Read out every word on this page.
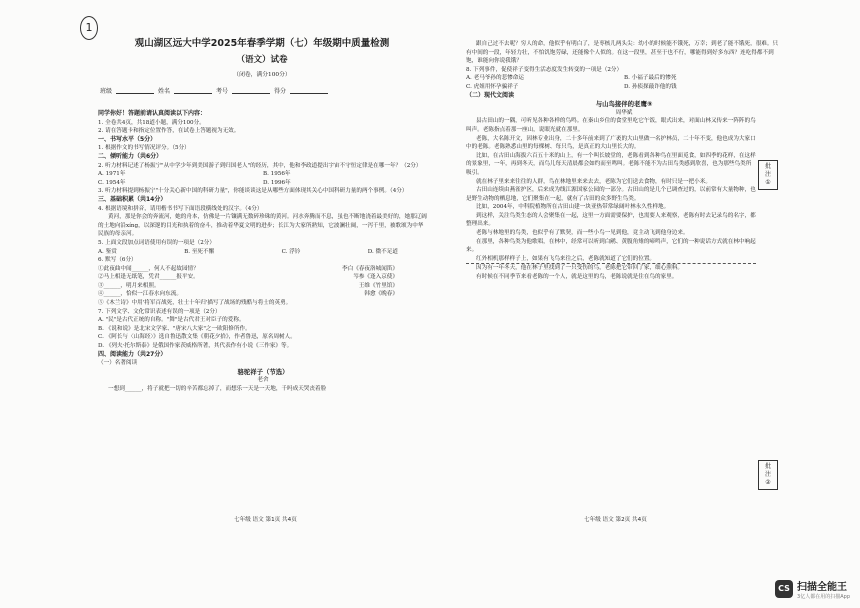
1
观山湖区远大中学2025年春季学期（七）年级期中质量检测
（语文）试卷
（闭卷，满分100分）
班级	姓名	考号	得分
同学你好！答题前请认真阅读以下内容：
1. 全卷共4页，共18道小题，满分100分。
2. 请在答题卡和指定位置作答，在试卷上答题视为无效。
一、书写水平（5分）
1. 根据作文的书写情况评分。（5分）
二、倾听能力（共6分）
2. 听力材料记述了杨振宁"从中学少年到美国游子到归国老人"的经历，其中，他和李政道提出宇宙不守恒定律是在哪一年？（2分）
A. 1971年	B. 1956年
C. 1954年	D. 1996年
3. 听力材料提到杨振宁"十分关心新中国的科研力量"，你能谈谈这是从哪些方面体现其关心中国科研力量的两个事例。（4分）
三、基础积累（共14分）
4. 根据语境和拼音，请用楷书书写下面语段横线处的汉字。（4分）
黄河，那是你会的奔流河，她的舟本，仿佛是一片镶满无数碎珍珠的黄河。河水奔腾而不息，虽也不断地浇着最美好的，她那辽阔的土地向沿xíng，以深邃的目光和执着的奋斗，推动着华夏文明的进步；长江为大家所熟知，它波澜壮阔，一泻千里，被歌颂为中华民族的母亲河。
5. 上面文段加点词语使用有误的一项是（2分）
A. 鉴赏	B. 至死不懈	C. 浮钤	D. 微不足道
6. 默写（6分）
①此夜曲中闻______，何人不起故园情？	李白《春夜洛城闻笛》
②马上相逢无纸笔，凭君______报平安。	岑参《逢入京使》
③______，明月来相照。	王维《竹里馆》
④______，恰似一江春水向东流。	韩愈《晚春》
⑤《木兰诗》中用'将军百战死，壮士十年归'描写了战场的残酷与将士的英勇。
7. 下列文学、文化常识表述有误的一项是（2分）
A. "民"是古代正统的自称。"舞"是古代君王对臣子的爱称。
B. 《说和说》是北宋文学家、"唐宋八大家"之一欧阳修所作。
C. 《阿长与〈山海经〉》选自鲁迅散文集《朝花夕拾》，作者鲁迅，原名周树人。
D. 《列夫·托尔斯泰》是俄国作家茨威格所著，其代表作有小说《三作家》等。
四、阅读能力（共27分）
（一）名著阅读
骆驼祥子（节选）
老舍
一想到______，将子就把一切的辛苦都忘掉了，而想乐一天是一天地，千吗成天哭丧着脸
七年级 语文 第1页 共4页
跟自己过不去呢？穷人的命，他似乎有明白了，是枣核儿两头尖：幼小的时候能不饿死，万幸；到老了能不饿死，很难。只有中间的一段，年轻力壮，不怕饥饱劳碌，还能像个人似的。在这一段里，甚至于也不行，哪能得到好多东西？连吃得都不到饱，谁能向你说我饿？
8. 下列事件，促使祥子变得生活态度发生转变的一项是（2分）
A. 老马爷孙的悲惨命运	B. 小福子最后的惨死
C. 虎姐用怀孕骗祥子	D. 孙侦探敲诈他的钱
（二）现代文阅读
与山鸟接伴的老鹰⑨
周华斌
县古田山的一隅，可听见各种各样的鸟鸣。在秦山乡住的食堂里吃它午饭，眼式出来，对面山林又传来一阵阵的鸟叫声。老陈指点着那一座山，说眼光就在那里。
老陈，大名陈开文，因林专业出身，二十多年前来到了广袤的大山里做一名护林员，二十年不变，他也成为大家口中的老陈。老陈熟悉山里的每棵树、每只鸟，是真正的大山里长大的。
比如，在古田山海拔六百五十米的山上，有一个叫长坡堂的，老陈看到各种鸟在里面觅食，如四季的花样，在这样的景象里，一年，再到冬天，而鸟儿每天清晨都会如约而至鸣叫。老陈不能不为古田鸟类感到欣喜，也为那些鸟类所吸引。
就在林子里来来往往的人群，鸟在林地里来来去去，老陈为它们送去食物，有时只是一把小米。
古田山连续由燕雀护区，后来成为线江源国家公园的一部分。古田山的是几个已调查过的，以前常有大量物种，也是野生动物的栖息地，它们聚集在一起，就有了古田的众多野生鸟类。
比如，2004年，中科院植物所在古田山建一块亚热带常绿阔叶林永久性样地。
到这样，关注鸟类生态的人会聚集在一起，这里一方面需要保护，也需要人来观察，老陈有时去记录鸟的名字，都整理出来。
老陈与林地里的鸟类，也似乎有了默契，而一些小鸟一见到他，竟主动飞到他身边来。
在那里，各种鸟类为他歌唱，在林中，经常可以听到白鹇、黄腹角雉的啼鸣声，它们的一种说话方式就在林中响起来。
红外相机那样样子上，如果有飞鸟来往之后，老陈就知道了它们的位置。
因为有一年冬天，他在林子里找到了一只受伤的鸟，老陈把它带回了家，细心照料。
有时候在不同季节来看老陈的一个人，就是这里的鸟，老陈说就是住在鸟的家里。
批
注
①
批
注
②
七年级 语文 第2页 共4页
CS 扫描全能王
3亿人都在用的扫描App
